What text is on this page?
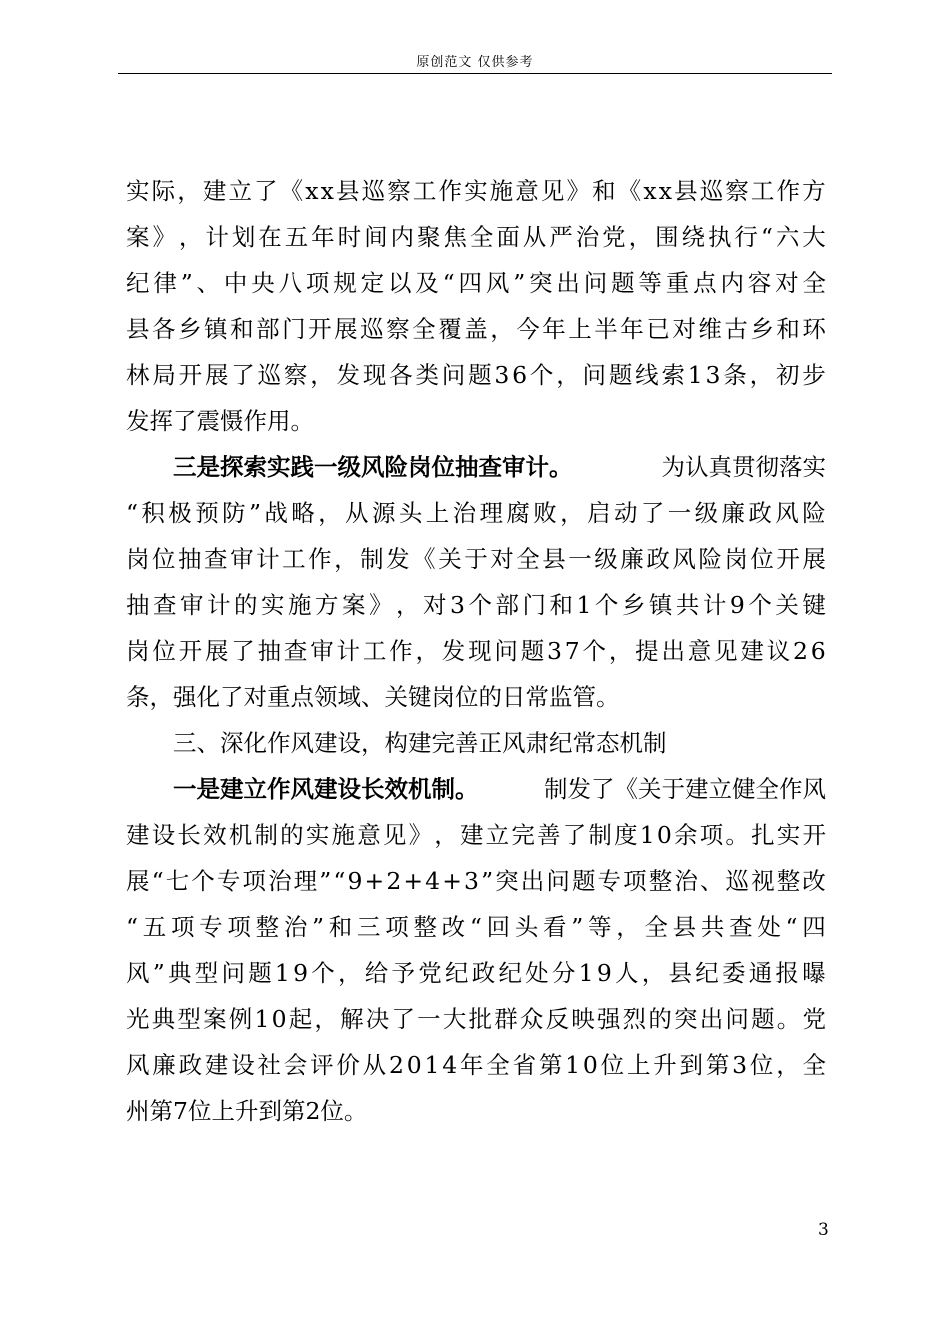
原创范文 仅供参考
实 际 ， 建 立 了 《 x x 县 巡 察 工 作 实 施 意 见 》 和 《 x x 县 巡 察 工 作 方
案 》 ， 计 划 在 五 年 时 间 内 聚 焦 全 面 从 严 治 党 ， 围 绕 执 行 “ 六 大
纪 律 ” 、 中 央 八 项 规 定 以 及 “ 四 风 ” 突 出 问 题 等 重 点 内 容 对 全
县 各 乡 镇 和 部 门 开 展 巡 察 全 覆 盖 ， 今 年 上 半 年 已 对 维 古 乡 和 环
林 局 开 展 了 巡 察 ， 发 现 各 类 问 题 3 6 个 ， 问 题 线 索 1 3 条 ， 初 步
发挥了震慑作用。
三是探索实践一级风险岗位抽查审计。	为认真贯彻落实
“ 积 极 预 防 ” 战 略 ， 从 源 头 上 治 理 腐 败 ， 启 动 了 一 级 廉 政 风 险
岗 位 抽 查 审 计 工 作 ， 制 发 《 关 于 对 全 县 一 级 廉 政 风 险 岗 位 开 展
抽 查 审 计 的 实 施 方 案 》 ， 对 3 个 部 门 和 1 个 乡 镇 共 计 9 个 关 键
岗 位 开 展 了 抽 查 审 计 工 作 ， 发 现 问 题 3 7 个 ， 提 出 意 见 建 议 2 6
条，强化了对重点领域、关键岗位的日常监管。
三、深化作风建设，构建完善正风肃纪常态机制
一是建立作风建设长效机制。	制发了《关于建立健全作风
建 设 长 效 机 制 的 实 施 意 见 》 ， 建 立 完 善 了 制 度 1 0 余 项 。 扎 实 开
展 “ 七 个 专 项 治 理 ” “ 9 + 2 + 4 + 3 ” 突 出 问 题 专 项 整 治 、 巡 视 整 改
“ 五 项 专 项 整 治 ” 和 三 项 整 改 “ 回 头 看 ” 等 ， 全 县 共 查 处 “ 四
风 ” 典 型 问 题 1 9 个 ， 给 予 党 纪 政 纪 处 分 1 9 人 ， 县 纪 委 通 报 曝
光 典 型 案 例 1 0 起 ， 解 决 了 一 大 批 群 众 反 映 强 烈 的 突 出 问 题 。 党
风 廉 政 建 设 社 会 评 价 从 2 0 1 4 年 全 省 第 1 0 位 上 升 到 第 3 位 ， 全
州第7位上升到第2位。
3
